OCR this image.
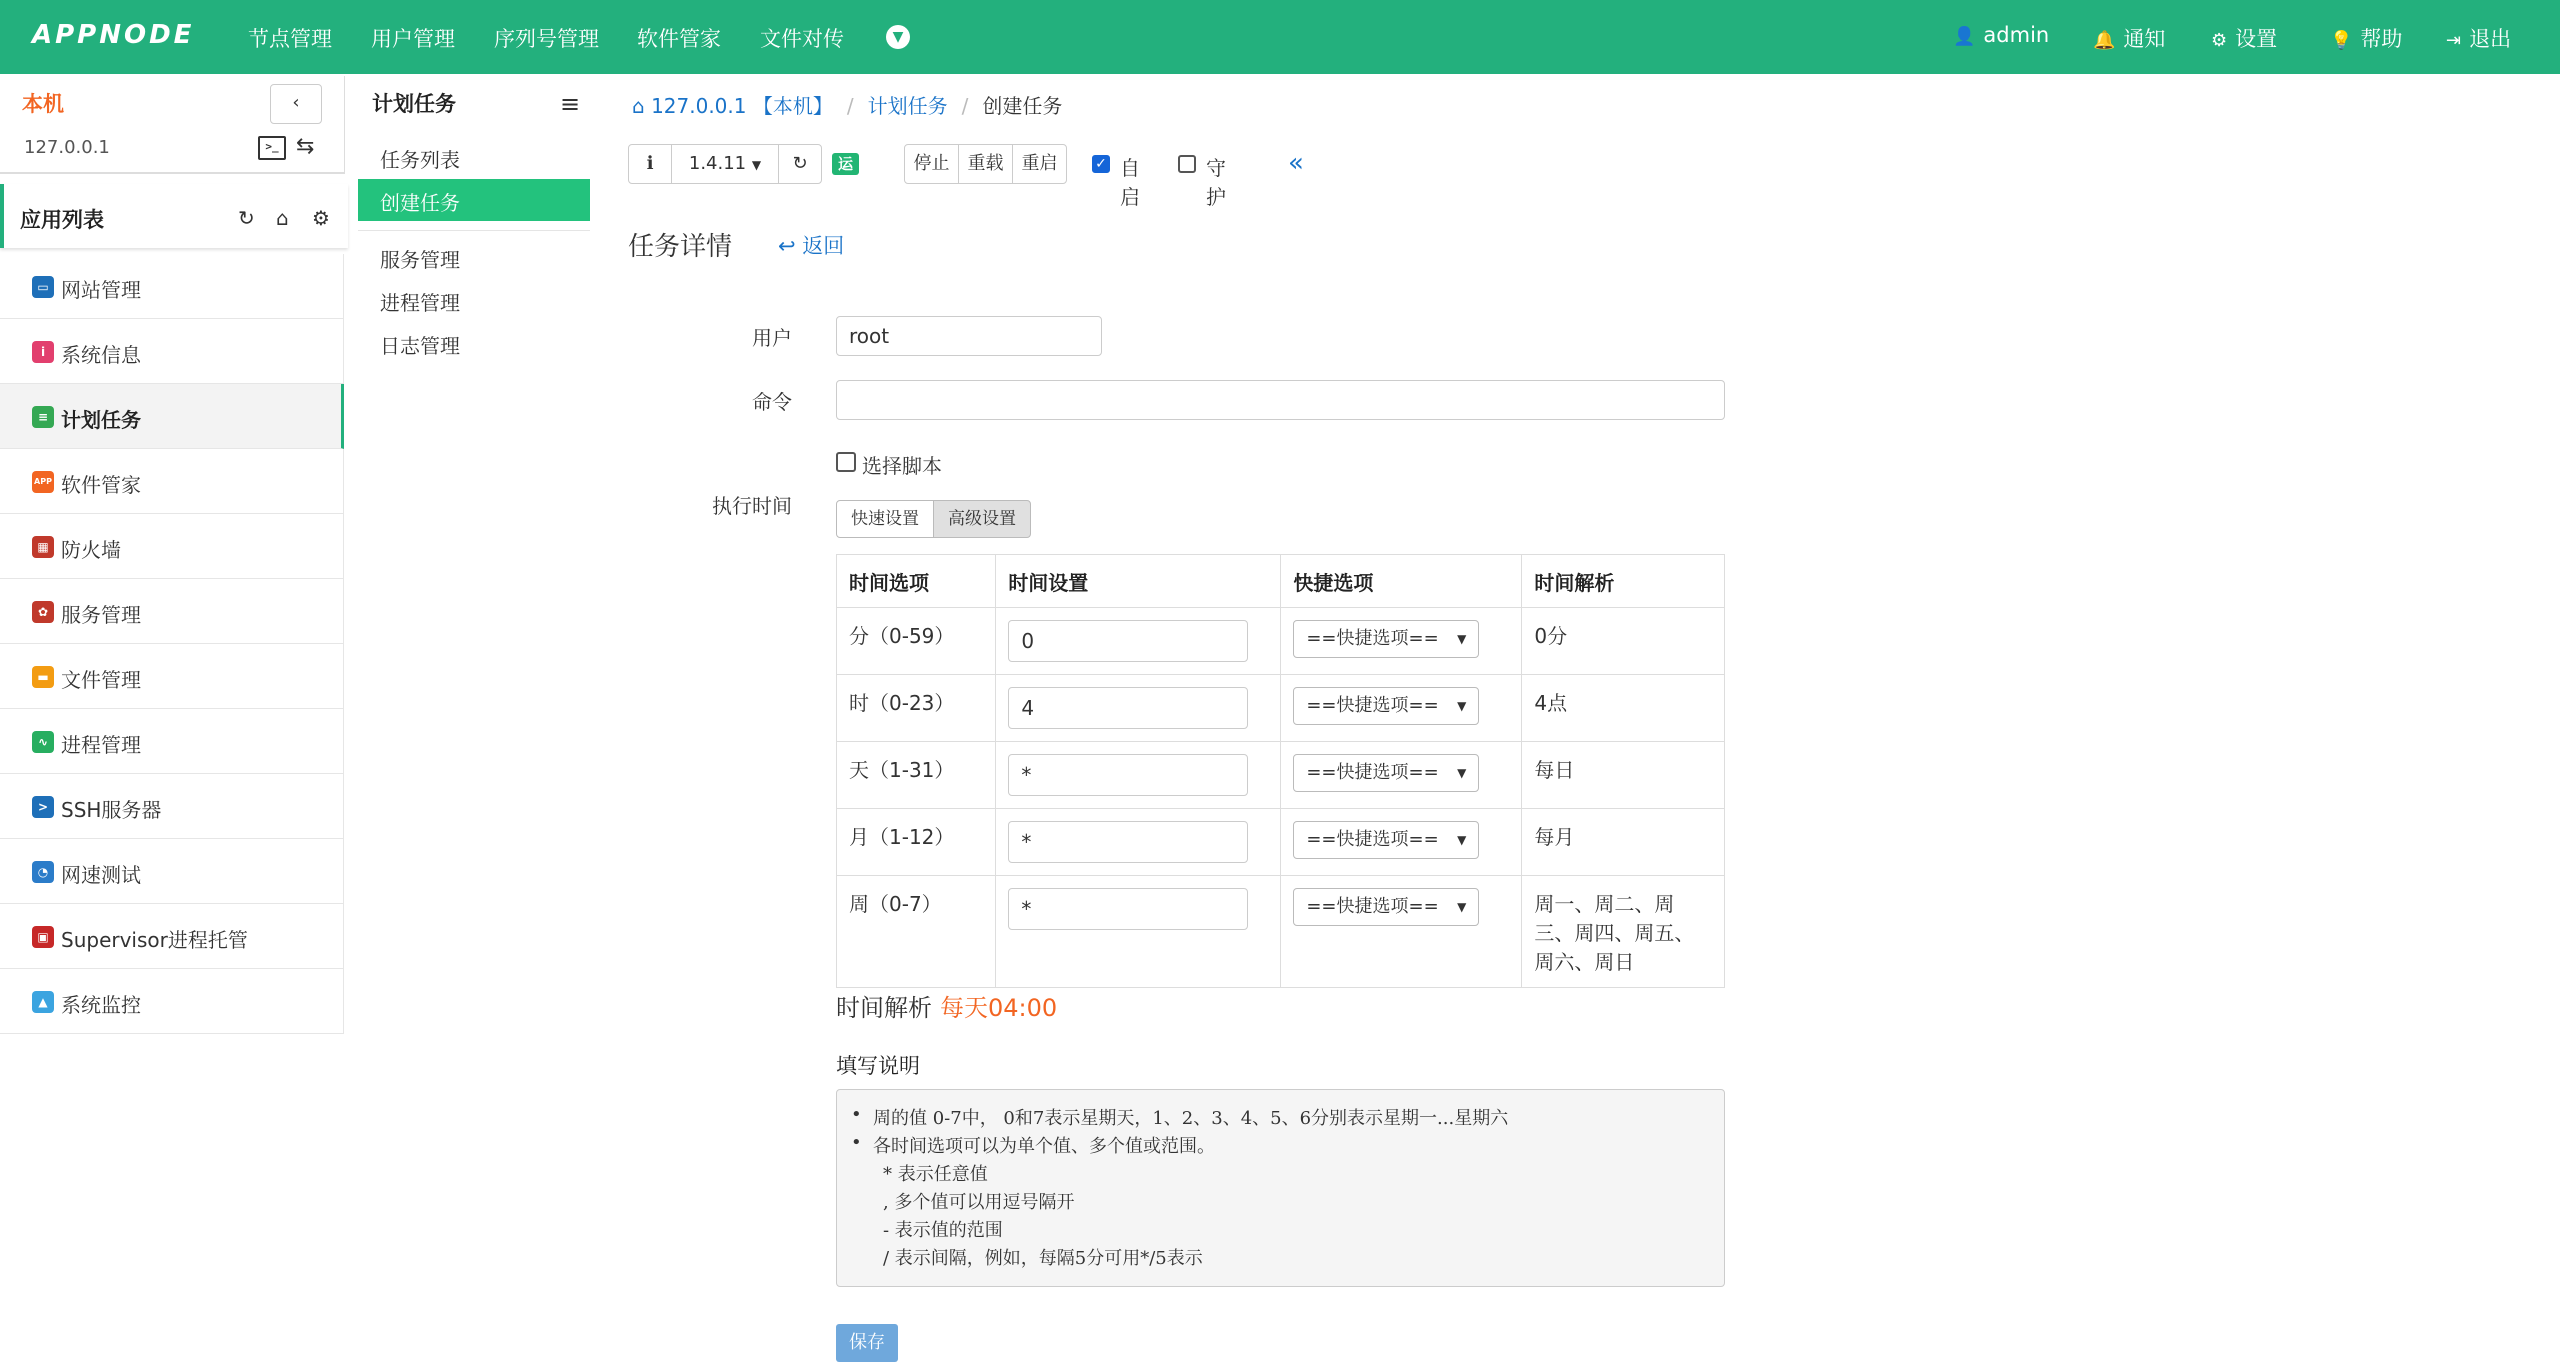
APPNODE	节点管理 用户管理 序列号管理 软件管家 文件对传	▼	👤 admin 🔔 通知	⚙ 设置	💡 帮助 ⇥ 退出
本机
127.0.0.1
‹
>_ ⇆
应用列表	↻ ⌂ ⚙
▭ 网站管理
i 系统信息
≡ 计划任务
APP 软件管家
▦ 防火墙
✿ 服务管理
▬ 文件管理
∿ 进程管理
> SSH服务器
◔ 网速测试
▣ Supervisor进程托管
▲ 系统监控
计划任务	≡
任务列表
创建任务
服务管理
进程管理
日志管理
⌂ 127.0.0.1 【本机】 / 计划任务 / 创建任务
ℹ	1.4.11 ▼	↻	运行中
停止	重载	重启	✓ 自启
守护
«
任务详情 ↩ 返回
用户	root
命令
选择脚本
执行时间
快速设置	高级设置
时间选项	时间设置	快捷选项	时间解析
分（0-59）	0	==快捷选项== ▼	0分
时（0-23）	4	==快捷选项== ▼	4点
天（1-31）	*	==快捷选项== ▼	每日
月（1-12）	*	==快捷选项== ▼	每月
周（0-7）	*	==快捷选项== ▼	周一、周二、周三、周四、周五、周六、周日
时间解析 每天04:00
填写说明
• 周的值 0-7中， 0和7表示星期天，1、2、3、4、5、6分别表示星期一...星期六
• 各时间选项可以为单个值、多个值或范围。
* 表示任意值
, 多个值可以用逗号隔开
- 表示值的范围
/ 表示间隔，例如，每隔5分可用*/5表示
保存
